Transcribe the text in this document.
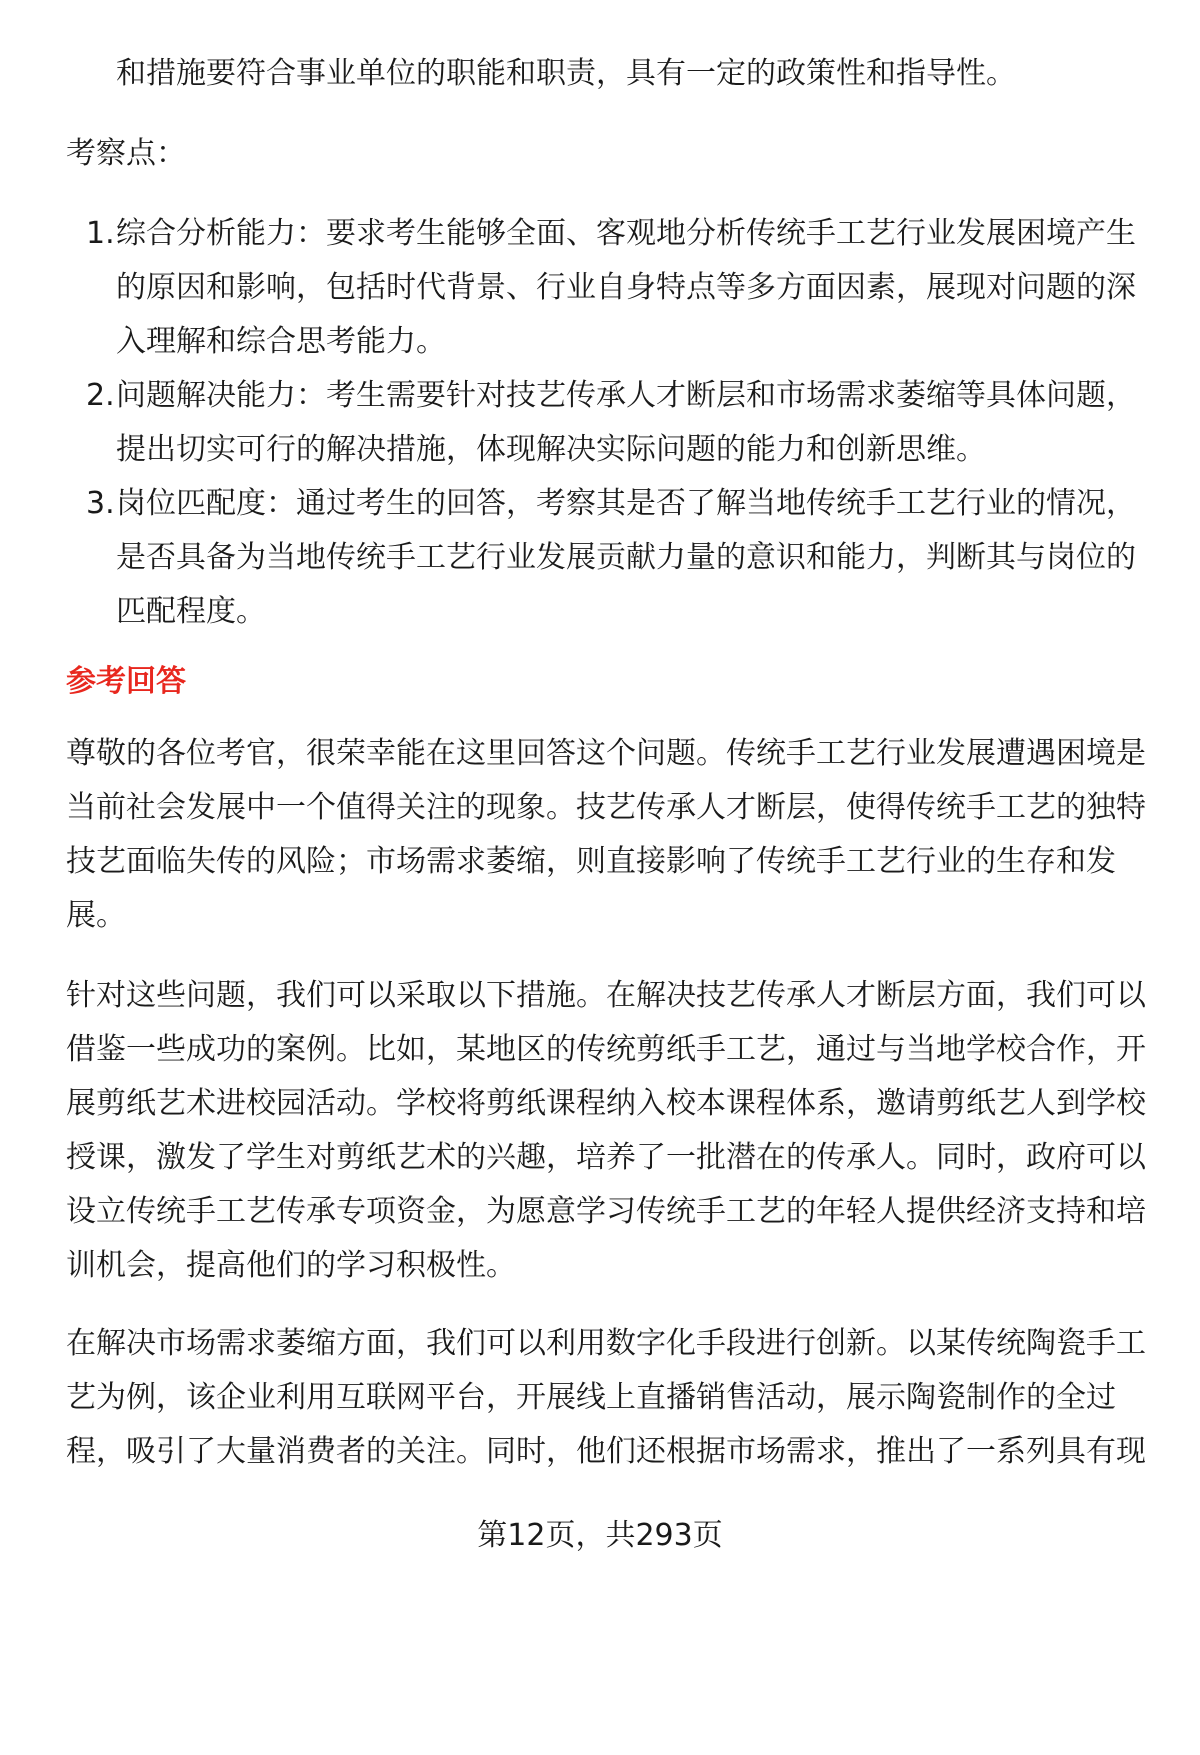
和措施要符合事业单位的职能和职责，具有一定的政策性和指导性。
考察点：
1. 综合分析能力：要求考生能够全面、客观地分析传统手工艺行业发展困境产生
的原因和影响，包括时代背景、行业自身特点等多方面因素，展现对问题的深
入理解和综合思考能力。
2. 问题解决能力：考生需要针对技艺传承人才断层和市场需求萎缩等具体问题，
提出切实可行的解决措施，体现解决实际问题的能力和创新思维。
3. 岗位匹配度：通过考生的回答，考察其是否了解当地传统手工艺行业的情况，
是否具备为当地传统手工艺行业发展贡献力量的意识和能力，判断其与岗位的
匹配程度。
参考回答
尊敬的各位考官，很荣幸能在这里回答这个问题。传统手工艺行业发展遭遇困境是
当前社会发展中一个值得关注的现象。技艺传承人才断层，使得传统手工艺的独特
技艺面临失传的风险；市场需求萎缩，则直接影响了传统手工艺行业的生存和发
展。
针对这些问题，我们可以采取以下措施。在解决技艺传承人才断层方面，我们可以
借鉴一些成功的案例。比如，某地区的传统剪纸手工艺，通过与当地学校合作，开
展剪纸艺术进校园活动。学校将剪纸课程纳入校本课程体系，邀请剪纸艺人到学校
授课，激发了学生对剪纸艺术的兴趣，培养了一批潜在的传承人。同时，政府可以
设立传统手工艺传承专项资金，为愿意学习传统手工艺的年轻人提供经济支持和培
训机会，提高他们的学习积极性。
在解决市场需求萎缩方面，我们可以利用数字化手段进行创新。以某传统陶瓷手工
艺为例，该企业利用互联网平台，开展线上直播销售活动，展示陶瓷制作的全过
程，吸引了大量消费者的关注。同时，他们还根据市场需求，推出了一系列具有现
第12页，共293页
